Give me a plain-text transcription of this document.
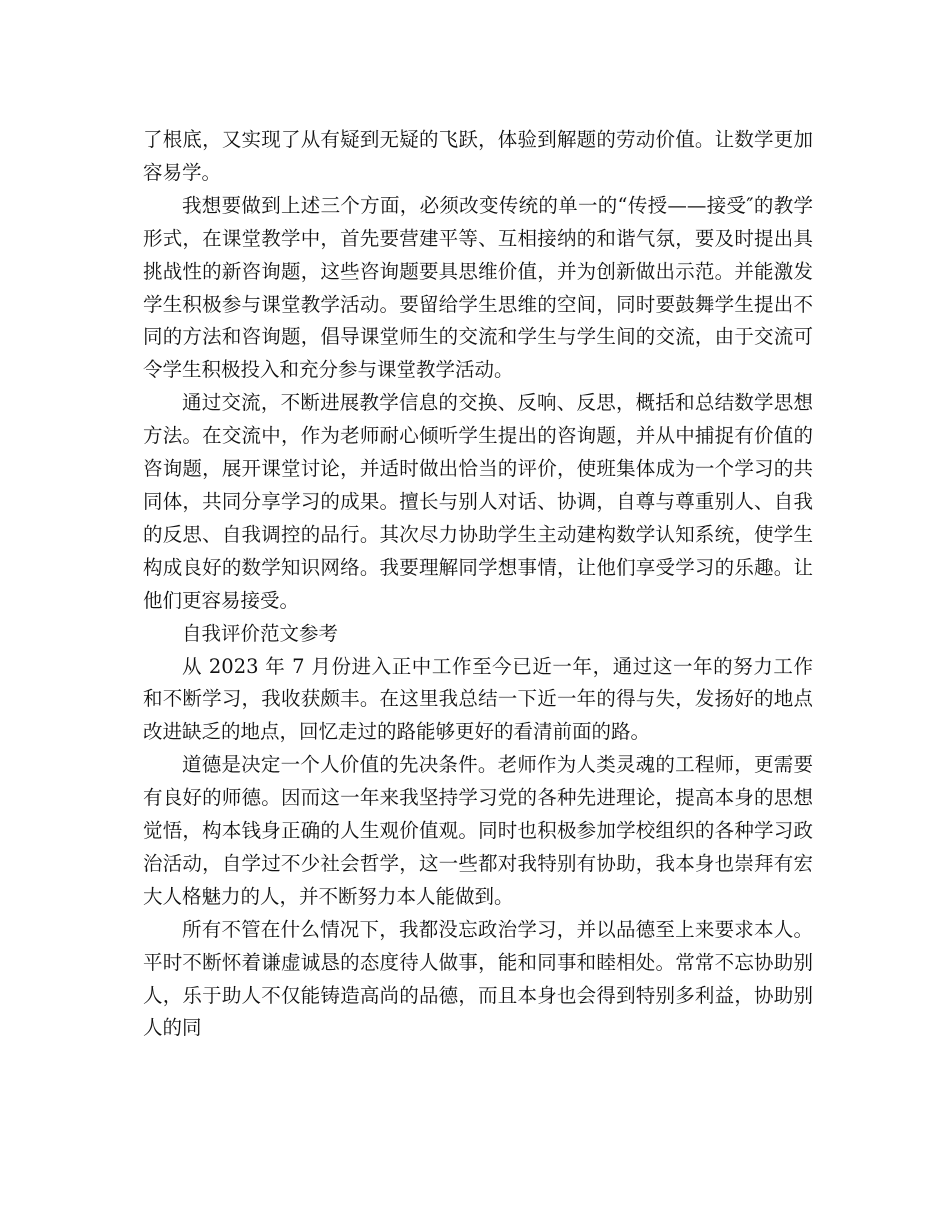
了根底，又实现了从有疑到无疑的飞跃，体验到解题的劳动价值。让数学更加容易学。

我想要做到上述三个方面，必须改变传统的单一的“传授——接受″的教学形式，在课堂教学中，首先要营建平等、互相接纳的和谐气氛，要及时提出具挑战性的新咨询题，这些咨询题要具思维价值，并为创新做出示范。并能激发学生积极参与课堂教学活动。要留给学生思维的空间，同时要鼓舞学生提出不同的方法和咨询题，倡导课堂师生的交流和学生与学生间的交流，由于交流可令学生积极投入和充分参与课堂教学活动。

通过交流，不断进展教学信息的交换、反响、反思，概括和总结数学思想方法。在交流中，作为老师耐心倾听学生提出的咨询题，并从中捕捉有价值的咨询题，展开课堂讨论，并适时做出恰当的评价，使班集体成为一个学习的共同体，共同分享学习的成果。擅长与别人对话、协调，自尊与尊重别人、自我的反思、自我调控的品行。其次尽力协助学生主动建构数学认知系统，使学生构成良好的数学知识网络。我要理解同学想事情，让他们享受学习的乐趣。让他们更容易接受。

自我评价范文参考

从 2023 年 7 月份进入正中工作至今已近一年，通过这一年的努力工作和不断学习，我收获颇丰。在这里我总结一下近一年的得与失，发扬好的地点改进缺乏的地点，回忆走过的路能够更好的看清前面的路。

道德是决定一个人价值的先决条件。老师作为人类灵魂的工程师，更需要有良好的师德。因而这一年来我坚持学习党的各种先进理论，提高本身的思想觉悟，构本钱身正确的人生观价值观。同时也积极参加学校组织的各种学习政治活动，自学过不少社会哲学，这一些都对我特别有协助，我本身也崇拜有宏大人格魅力的人，并不断努力本人能做到。

所有不管在什么情况下，我都没忘政治学习，并以品德至上来要求本人。平时不断怀着谦虚诚恳的态度待人做事，能和同事和睦相处。常常不忘协助别人，乐于助人不仅能铸造高尚的品德，而且本身也会得到特别多利益，协助别人的同
